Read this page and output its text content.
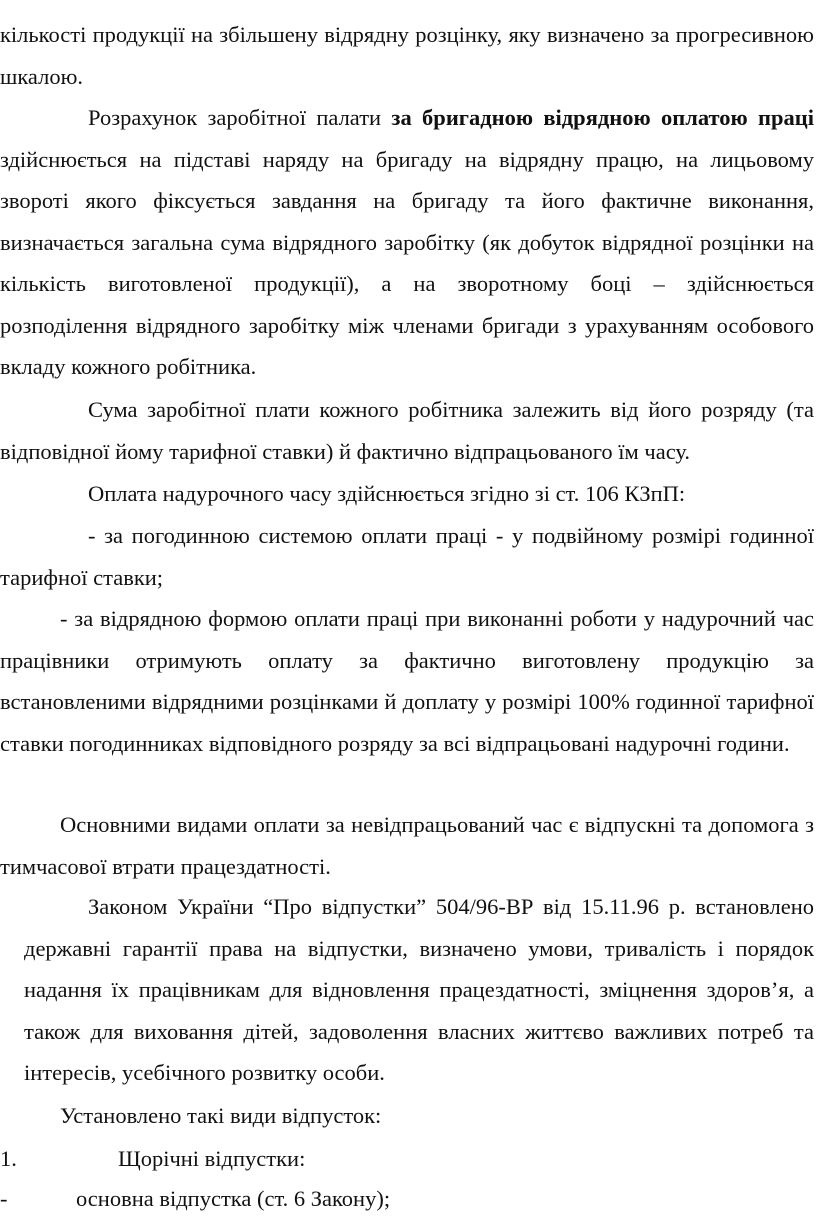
кількості продукції на збільшену відрядну розцінку, яку визначено за прогресивною шкалою.

Розрахунок заробітної палати за бригадною відрядною оплатою праці здійснюється на підставі наряду на бригаду на відрядну працю, на лицьовому звороті якого фіксується завдання на бригаду та його фактичне виконання, визначається загальна сума відрядного заробітку (як добуток відрядної розцінки на кількість виготовленої продукції), а на зворотному боці – здійснюється розподілення відрядного заробітку між членами бригади з урахуванням особового вкладу кожного робітника.

Сума заробітної плати кожного робітника залежить від його розряду (та відповідної йому тарифної ставки) й фактично відпрацьованого їм часу.

Оплата надурочного часу здійснюється згідно зі ст. 106 КЗпП:

- за погодинною системою оплати праці - у подвійному розмірі годинної тарифної ставки;

- за відрядною формою оплати праці при виконанні роботи у надурочний час працівники отримують оплату за фактично виготовлену продукцію за встановленими відрядними розцінками й доплату у розмірі 100% годинної тарифної ставки погодинниках відповідного розряду за всі відпрацьовані надурочні години.

Основними видами оплати за невідпрацьований час є відпускні та допомога з тимчасової втрати працездатності.

Законом України “Про відпустки” 504/96-ВР від 15.11.96 р. встановлено державні гарантії права на відпустки, визначено умови, тривалість і порядок надання їх працівникам для відновлення працездатності, зміцнення здоров’я, а також для виховання дітей, задоволення власних життєво важливих потреб та інтересів, усебічного розвитку особи.

Установлено такі види відпусток:

1.	Щорічні відпустки:
-	основна відпустка (ст. 6 Закону);
